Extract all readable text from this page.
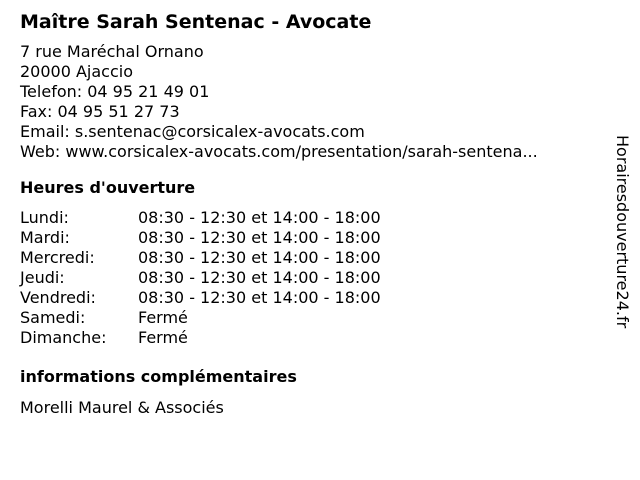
Maître Sarah Sentenac - Avocate
7 rue Maréchal Ornano
20000 Ajaccio
Telefon: 04 95 21 49 01
Fax: 04 95 51 27 73
Email: s.sentenac@corsicalex-avocats.com
Web: www.corsicalex-avocats.com/presentation/sarah-sentena...
Heures d'ouverture
Lundi:	08:30 - 12:30 et 14:00 - 18:00
Mardi:	08:30 - 12:30 et 14:00 - 18:00
Mercredi:	08:30 - 12:30 et 14:00 - 18:00
Jeudi:	08:30 - 12:30 et 14:00 - 18:00
Vendredi:	08:30 - 12:30 et 14:00 - 18:00
Samedi:	Fermé
Dimanche:	Fermé
informations complémentaires
Morelli Maurel & Associés
Horairesdouverture24.fr
